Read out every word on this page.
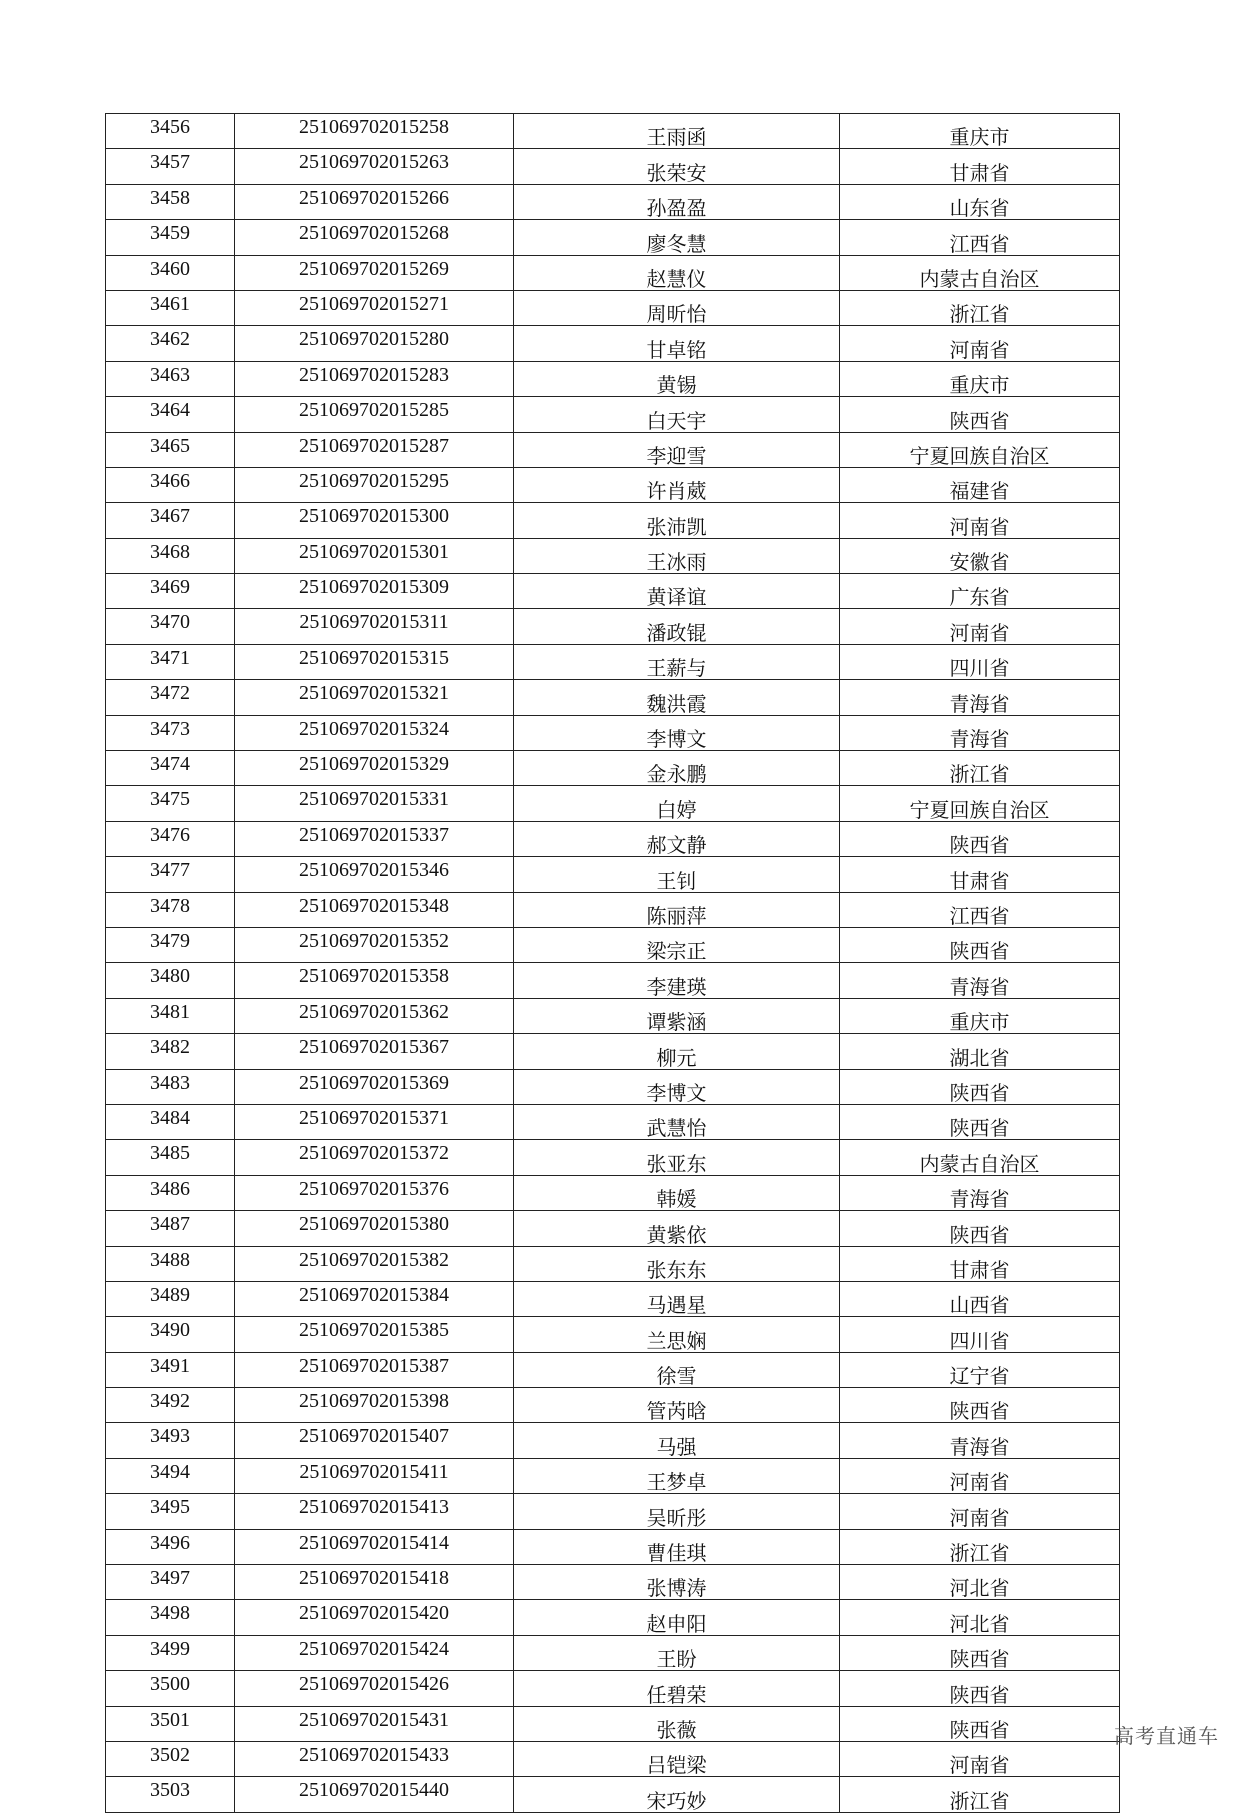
3456	251069702015258	王雨函	重庆市
3457	251069702015263	张荣安	甘肃省
3458	251069702015266	孙盈盈	山东省
3459	251069702015268	廖冬慧	江西省
3460	251069702015269	赵慧仪	内蒙古自治区
3461	251069702015271	周昕怡	浙江省
3462	251069702015280	甘卓铭	河南省
3463	251069702015283	黄锡	重庆市
3464	251069702015285	白天宇	陕西省
3465	251069702015287	李迎雪	宁夏回族自治区
3466	251069702015295	许肖葳	福建省
3467	251069702015300	张沛凯	河南省
3468	251069702015301	王冰雨	安徽省
3469	251069702015309	黄译谊	广东省
3470	251069702015311	潘政锟	河南省
3471	251069702015315	王薪与	四川省
3472	251069702015321	魏洪霞	青海省
3473	251069702015324	李博文	青海省
3474	251069702015329	金永鹏	浙江省
3475	251069702015331	白婷	宁夏回族自治区
3476	251069702015337	郝文静	陕西省
3477	251069702015346	王钊	甘肃省
3478	251069702015348	陈丽萍	江西省
3479	251069702015352	梁宗正	陕西省
3480	251069702015358	李建瑛	青海省
3481	251069702015362	谭紫涵	重庆市
3482	251069702015367	柳元	湖北省
3483	251069702015369	李博文	陕西省
3484	251069702015371	武慧怡	陕西省
3485	251069702015372	张亚东	内蒙古自治区
3486	251069702015376	韩媛	青海省
3487	251069702015380	黄紫依	陕西省
3488	251069702015382	张东东	甘肃省
3489	251069702015384	马遇星	山西省
3490	251069702015385	兰思娴	四川省
3491	251069702015387	徐雪	辽宁省
3492	251069702015398	管芮晗	陕西省
3493	251069702015407	马强	青海省
3494	251069702015411	王梦卓	河南省
3495	251069702015413	吴昕彤	河南省
3496	251069702015414	曹佳琪	浙江省
3497	251069702015418	张博涛	河北省
3498	251069702015420	赵申阳	河北省
3499	251069702015424	王盼	陕西省
3500	251069702015426	任碧荣	陕西省
3501	251069702015431	张薇	陕西省
3502	251069702015433	吕铠梁	河南省
3503	251069702015440	宋巧妙	浙江省
高考直通车
